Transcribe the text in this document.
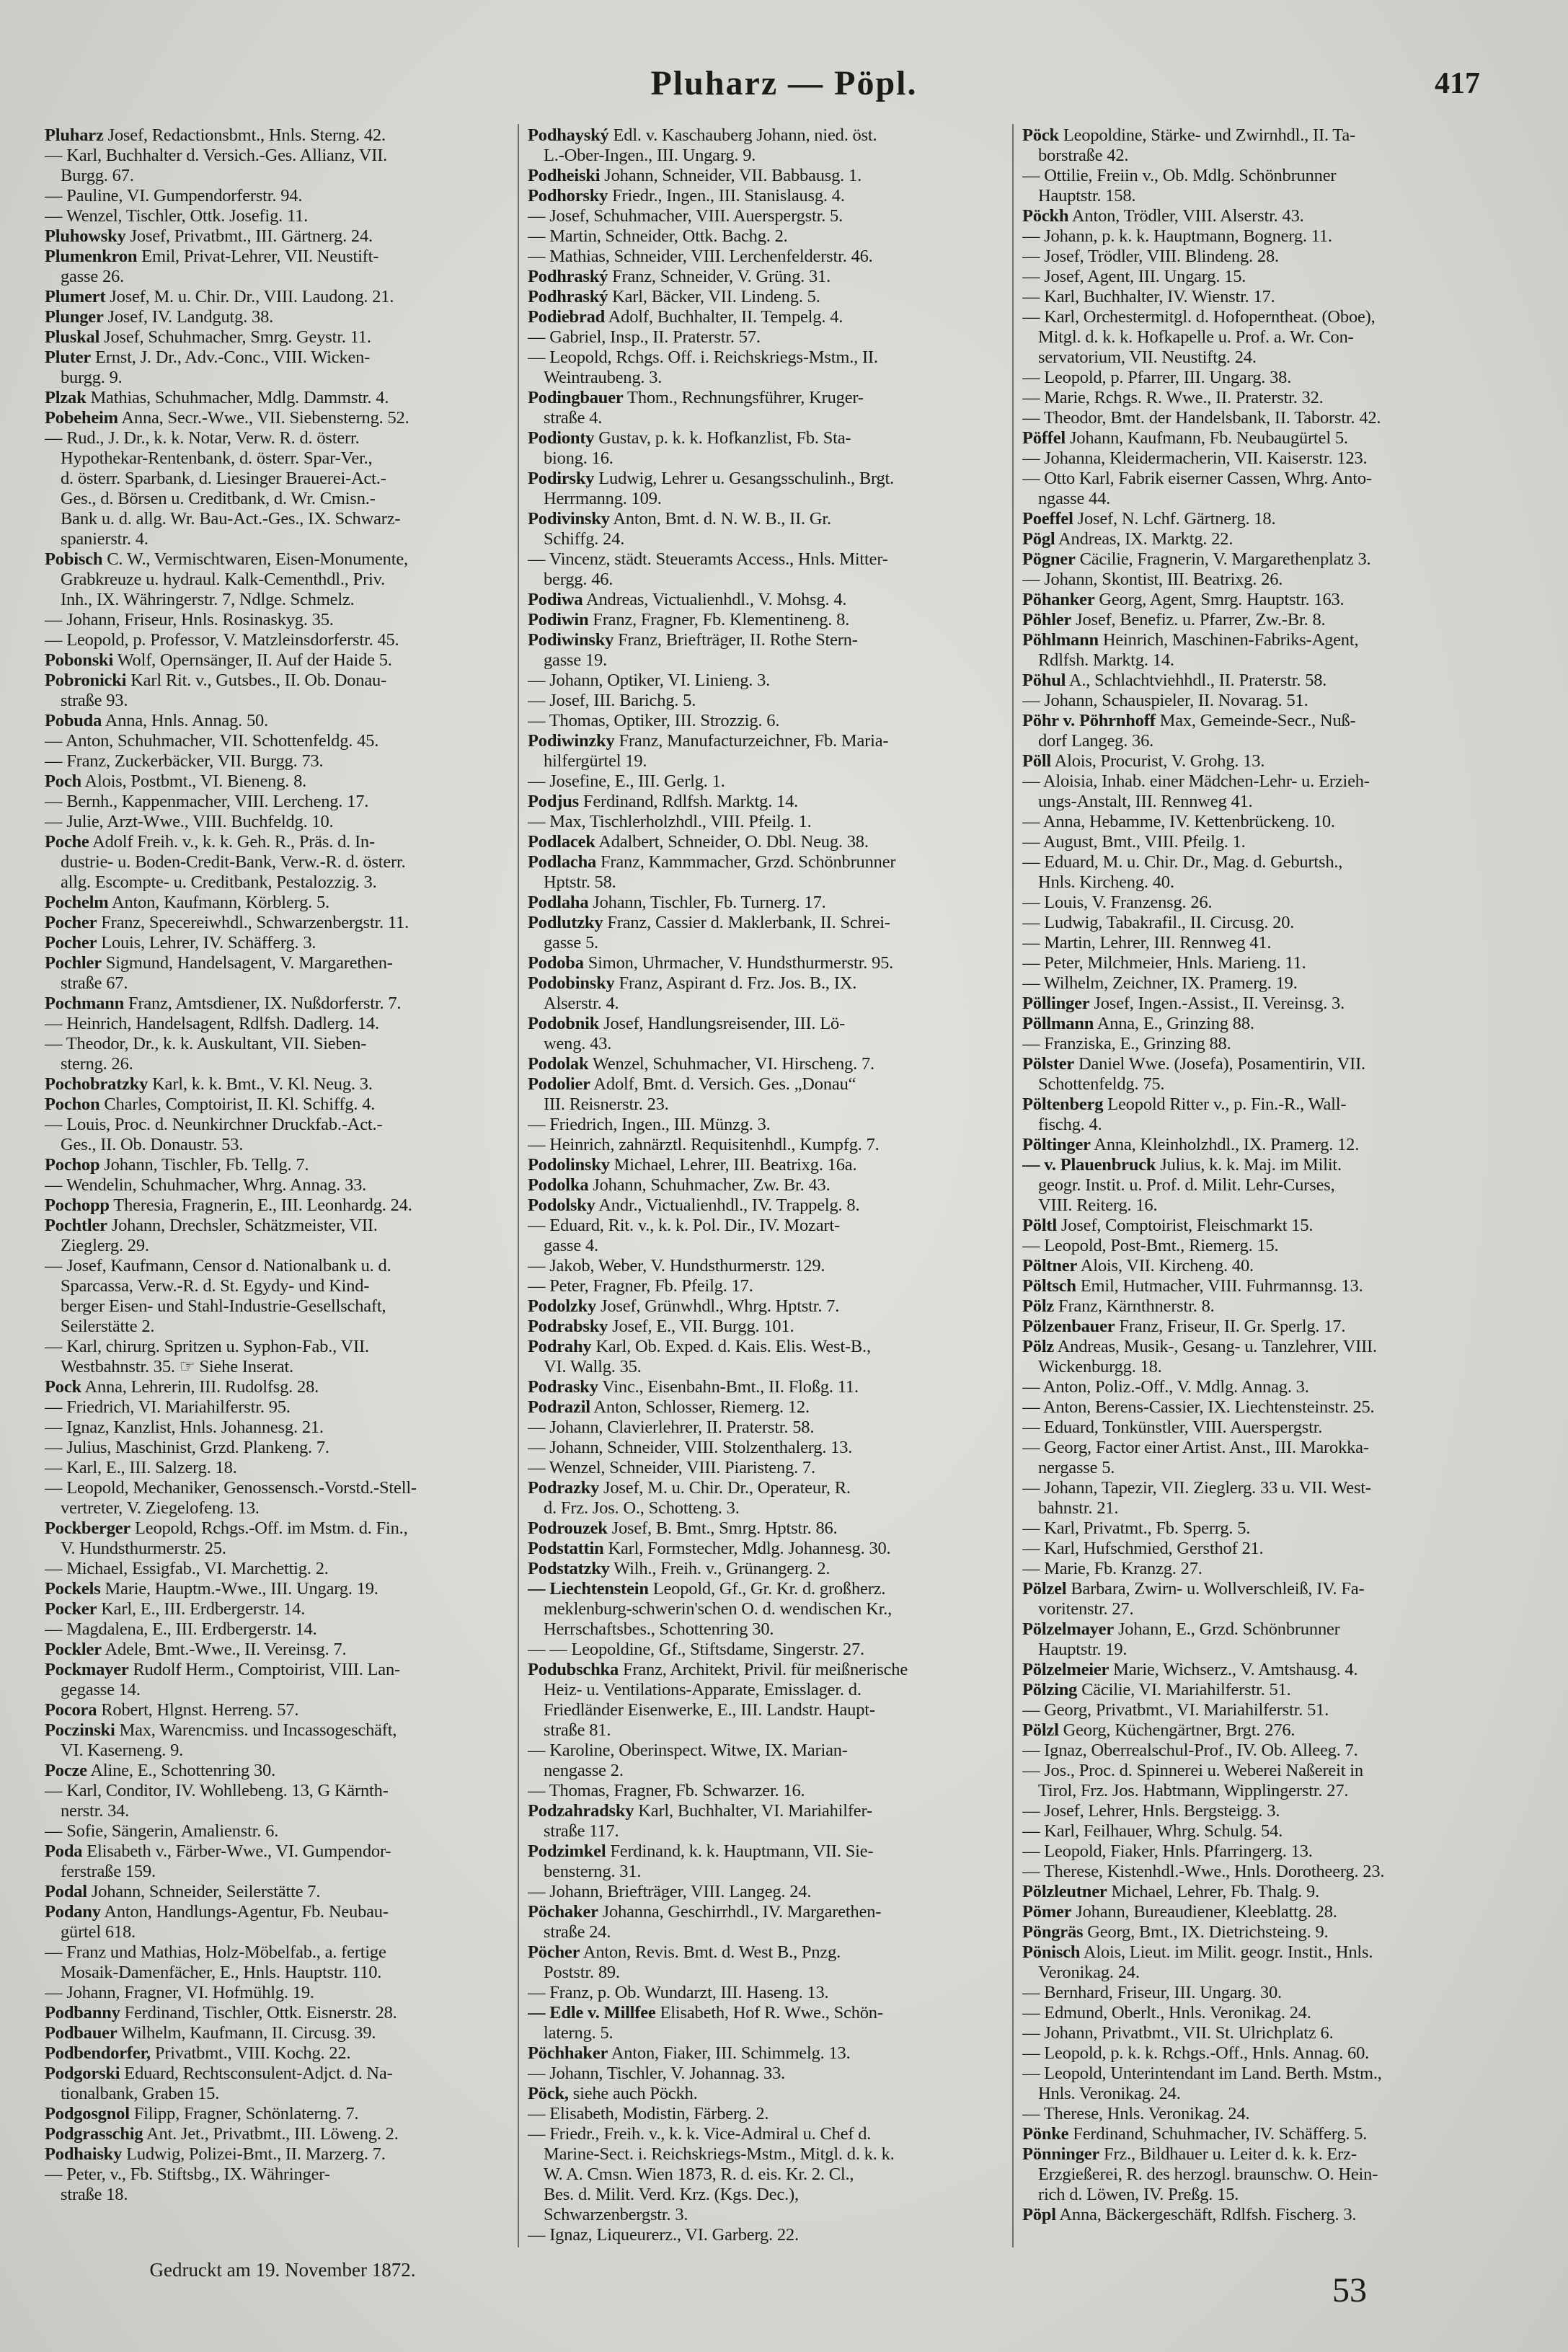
Pluharz — Pöpl.	417
Pluharz Josef, Redactionsbmt., Hnls. Sterng. 42.
— Karl, Buchhalter d. Versich.-Ges. Allianz, VII.
Burgg. 67.
— Pauline, VI. Gumpendorferstr. 94.
— Wenzel, Tischler, Ottk. Josefig. 11.
Pluhowsky Josef, Privatbmt., III. Gärtnerg. 24.
Plumenkron Emil, Privat-Lehrer, VII. Neustift-
gasse 26.
Plumert Josef, M. u. Chir. Dr., VIII. Laudong. 21.
Plunger Josef, IV. Landgutg. 38.
Pluskal Josef, Schuhmacher, Smrg. Geystr. 11.
Pluter Ernst, J. Dr., Adv.-Conc., VIII. Wicken-
burgg. 9.
Plzak Mathias, Schuhmacher, Mdlg. Dammstr. 4.
Pobeheim Anna, Secr.-Wwe., VII. Siebensterng. 52.
— Rud., J. Dr., k. k. Notar, Verw. R. d. österr.
Hypothekar-Rentenbank, d. österr. Spar-Ver.,
d. österr. Sparbank, d. Liesinger Brauerei-Act.-
Ges., d. Börsen u. Creditbank, d. Wr. Cmisn.-
Bank u. d. allg. Wr. Bau-Act.-Ges., IX. Schwarz-
spanierstr. 4.
Pobisch C. W., Vermischtwaren, Eisen-Monumente,
Grabkreuze u. hydraul. Kalk-Cementhdl., Priv.
Inh., IX. Währingerstr. 7, Ndlge. Schmelz.
— Johann, Friseur, Hnls. Rosinaskyg. 35.
— Leopold, p. Professor, V. Matzleinsdorferstr. 45.
Pobonski Wolf, Opernsänger, II. Auf der Haide 5.
Pobronicki Karl Rit. v., Gutsbes., II. Ob. Donau-
straße 93.
Pobuda Anna, Hnls. Annag. 50.
— Anton, Schuhmacher, VII. Schottenfeldg. 45.
— Franz, Zuckerbäcker, VII. Burgg. 73.
Poch Alois, Postbmt., VI. Bieneng. 8.
— Bernh., Kappenmacher, VIII. Lercheng. 17.
— Julie, Arzt-Wwe., VIII. Buchfeldg. 10.
Poche Adolf Freih. v., k. k. Geh. R., Präs. d. In-
dustrie- u. Boden-Credit-Bank, Verw.-R. d. österr.
allg. Escompte- u. Creditbank, Pestalozzig. 3.
Pochelm Anton, Kaufmann, Körblerg. 5.
Pocher Franz, Specereiwhdl., Schwarzenbergstr. 11.
Pocher Louis, Lehrer, IV. Schäfferg. 3.
Pochler Sigmund, Handelsagent, V. Margarethen-
straße 67.
Pochmann Franz, Amtsdiener, IX. Nußdorferstr. 7.
— Heinrich, Handelsagent, Rdlfsh. Dadlerg. 14.
— Theodor, Dr., k. k. Auskultant, VII. Sieben-
sterng. 26.
Pochobratzky Karl, k. k. Bmt., V. Kl. Neug. 3.
Pochon Charles, Comptoirist, II. Kl. Schiffg. 4.
— Louis, Proc. d. Neunkirchner Druckfab.-Act.-
Ges., II. Ob. Donaustr. 53.
Pochop Johann, Tischler, Fb. Tellg. 7.
— Wendelin, Schuhmacher, Whrg. Annag. 33.
Pochopp Theresia, Fragnerin, E., III. Leonhardg. 24.
Pochtler Johann, Drechsler, Schätzmeister, VII.
Zieglerg. 29.
— Josef, Kaufmann, Censor d. Nationalbank u. d.
Sparcassa, Verw.-R. d. St. Egydy- und Kind-
berger Eisen- und Stahl-Industrie-Gesellschaft,
Seilerstätte 2.
— Karl, chirurg. Spritzen u. Syphon-Fab., VII.
Westbahnstr. 35. ☞ Siehe Inserat.
Pock Anna, Lehrerin, III. Rudolfsg. 28.
— Friedrich, VI. Mariahilferstr. 95.
— Ignaz, Kanzlist, Hnls. Johannesg. 21.
— Julius, Maschinist, Grzd. Plankeng. 7.
— Karl, E., III. Salzerg. 18.
— Leopold, Mechaniker, Genossensch.-Vorstd.-Stell-
vertreter, V. Ziegelofeng. 13.
Pockberger Leopold, Rchgs.-Off. im Mstm. d. Fin.,
V. Hundsthurmerstr. 25.
— Michael, Essigfab., VI. Marchettig. 2.
Pockels Marie, Hauptm.-Wwe., III. Ungarg. 19.
Pocker Karl, E., III. Erdbergerstr. 14.
— Magdalena, E., III. Erdbergerstr. 14.
Pockler Adele, Bmt.-Wwe., II. Vereinsg. 7.
Pockmayer Rudolf Herm., Comptoirist, VIII. Lan-
gegasse 14.
Pocora Robert, Hlgnst. Herreng. 57.
Poczinski Max, Warencmiss. und Incassogeschäft,
VI. Kaserneng. 9.
Pocze Aline, E., Schottenring 30.
— Karl, Conditor, IV. Wohllebeng. 13, G Kärnth-
nerstr. 34.
— Sofie, Sängerin, Amalienstr. 6.
Poda Elisabeth v., Färber-Wwe., VI. Gumpendor-
ferstraße 159.
Podal Johann, Schneider, Seilerstätte 7.
Podany Anton, Handlungs-Agentur, Fb. Neubau-
gürtel 618.
— Franz und Mathias, Holz-Möbelfab., a. fertige
Mosaik-Damenfächer, E., Hnls. Hauptstr. 110.
— Johann, Fragner, VI. Hofmühlg. 19.
Podbanny Ferdinand, Tischler, Ottk. Eisnerstr. 28.
Podbauer Wilhelm, Kaufmann, II. Circusg. 39.
Podbendorfer, Privatbmt., VIII. Kochg. 22.
Podgorski Eduard, Rechtsconsulent-Adjct. d. Na-
tionalbank, Graben 15.
Podgosgnol Filipp, Fragner, Schönlaterng. 7.
Podgrasschig Ant. Jet., Privatbmt., III. Löweng. 2.
Podhaisky Ludwig, Polizei-Bmt., II. Marzerg. 7.
— Peter, v., Fb. Stiftsbg., IX. Währinger-
straße 18.
Podhayský Edl. v. Kaschauberg Johann, nied. öst.
L.-Ober-Ingen., III. Ungarg. 9.
Podheiski Johann, Schneider, VII. Babbausg. 1.
Podhorsky Friedr., Ingen., III. Stanislausg. 4.
— Josef, Schuhmacher, VIII. Auerspergstr. 5.
— Martin, Schneider, Ottk. Bachg. 2.
— Mathias, Schneider, VIII. Lerchenfelderstr. 46.
Podhraský Franz, Schneider, V. Grüng. 31.
Podhraský Karl, Bäcker, VII. Lindeng. 5.
Podiebrad Adolf, Buchhalter, II. Tempelg. 4.
— Gabriel, Insp., II. Praterstr. 57.
— Leopold, Rchgs. Off. i. Reichskriegs-Mstm., II.
Weintraubeng. 3.
Podingbauer Thom., Rechnungsführer, Kruger-
straße 4.
Podionty Gustav, p. k. k. Hofkanzlist, Fb. Sta-
biong. 16.
Podirsky Ludwig, Lehrer u. Gesangsschulinh., Brgt.
Herrmanng. 109.
Podivinsky Anton, Bmt. d. N. W. B., II. Gr.
Schiffg. 24.
— Vincenz, städt. Steueramts Access., Hnls. Mitter-
bergg. 46.
Podiwa Andreas, Victualienhdl., V. Mohsg. 4.
Podiwin Franz, Fragner, Fb. Klementineng. 8.
Podiwinsky Franz, Briefträger, II. Rothe Stern-
gasse 19.
— Johann, Optiker, VI. Linieng. 3.
— Josef, III. Barichg. 5.
— Thomas, Optiker, III. Strozzig. 6.
Podiwinzky Franz, Manufacturzeichner, Fb. Maria-
hilfergürtel 19.
— Josefine, E., III. Gerlg. 1.
Podjus Ferdinand, Rdlfsh. Marktg. 14.
— Max, Tischlerholzhdl., VIII. Pfeilg. 1.
Podlacek Adalbert, Schneider, O. Dbl. Neug. 38.
Podlacha Franz, Kammmacher, Grzd. Schönbrunner
Hptstr. 58.
Podlaha Johann, Tischler, Fb. Turnerg. 17.
Podlutzky Franz, Cassier d. Maklerbank, II. Schrei-
gasse 5.
Podoba Simon, Uhrmacher, V. Hundsthurmerstr. 95.
Podobinsky Franz, Aspirant d. Frz. Jos. B., IX.
Alserstr. 4.
Podobnik Josef, Handlungsreisender, III. Lö-
weng. 43.
Podolak Wenzel, Schuhmacher, VI. Hirscheng. 7.
Podolier Adolf, Bmt. d. Versich. Ges. „Donau“
III. Reisnerstr. 23.
— Friedrich, Ingen., III. Münzg. 3.
— Heinrich, zahnärztl. Requisitenhdl., Kumpfg. 7.
Podolinsky Michael, Lehrer, III. Beatrixg. 16a.
Podolka Johann, Schuhmacher, Zw. Br. 43.
Podolsky Andr., Victualienhdl., IV. Trappelg. 8.
— Eduard, Rit. v., k. k. Pol. Dir., IV. Mozart-
gasse 4.
— Jakob, Weber, V. Hundsthurmerstr. 129.
— Peter, Fragner, Fb. Pfeilg. 17.
Podolzky Josef, Grünwhdl., Whrg. Hptstr. 7.
Podrabsky Josef, E., VII. Burgg. 101.
Podrahy Karl, Ob. Exped. d. Kais. Elis. West-B.,
VI. Wallg. 35.
Podrasky Vinc., Eisenbahn-Bmt., II. Floßg. 11.
Podrazil Anton, Schlosser, Riemerg. 12.
— Johann, Clavierlehrer, II. Praterstr. 58.
— Johann, Schneider, VIII. Stolzenthalerg. 13.
— Wenzel, Schneider, VIII. Piaristeng. 7.
Podrazky Josef, M. u. Chir. Dr., Operateur, R.
d. Frz. Jos. O., Schotteng. 3.
Podrouzek Josef, B. Bmt., Smrg. Hptstr. 86.
Podstattin Karl, Formstecher, Mdlg. Johannesg. 30.
Podstatzky Wilh., Freih. v., Grünangerg. 2.
— Liechtenstein Leopold, Gf., Gr. Kr. d. großherz.
meklenburg-schwerin'schen O. d. wendischen Kr.,
Herrschaftsbes., Schottenring 30.
— — Leopoldine, Gf., Stiftsdame, Singerstr. 27.
Podubschka Franz, Architekt, Privil. für meißnerische
Heiz- u. Ventilations-Apparate, Emisslager. d.
Friedländer Eisenwerke, E., III. Landstr. Haupt-
straße 81.
— Karoline, Oberinspect. Witwe, IX. Marian-
nengasse 2.
— Thomas, Fragner, Fb. Schwarzer. 16.
Podzahradsky Karl, Buchhalter, VI. Mariahilfer-
straße 117.
Podzimkel Ferdinand, k. k. Hauptmann, VII. Sie-
bensterng. 31.
— Johann, Briefträger, VIII. Langeg. 24.
Pöchaker Johanna, Geschirrhdl., IV. Margarethen-
straße 24.
Pöcher Anton, Revis. Bmt. d. West B., Pnzg.
Poststr. 89.
— Franz, p. Ob. Wundarzt, III. Haseng. 13.
— Edle v. Millfee Elisabeth, Hof R. Wwe., Schön-
laterng. 5.
Pöchhaker Anton, Fiaker, III. Schimmelg. 13.
— Johann, Tischler, V. Johannag. 33.
Pöck, siehe auch Pöckh.
— Elisabeth, Modistin, Färberg. 2.
— Friedr., Freih. v., k. k. Vice-Admiral u. Chef d.
Marine-Sect. i. Reichskriegs-Mstm., Mitgl. d. k. k.
W. A. Cmsn. Wien 1873, R. d. eis. Kr. 2. Cl.,
Bes. d. Milit. Verd. Krz. (Kgs. Dec.),
Schwarzenbergstr. 3.
— Ignaz, Liqueurerz., VI. Garberg. 22.
Pöck Leopoldine, Stärke- und Zwirnhdl., II. Ta-
borstraße 42.
— Ottilie, Freiin v., Ob. Mdlg. Schönbrunner
Hauptstr. 158.
Pöckh Anton, Trödler, VIII. Alserstr. 43.
— Johann, p. k. k. Hauptmann, Bognerg. 11.
— Josef, Trödler, VIII. Blindeng. 28.
— Josef, Agent, III. Ungarg. 15.
— Karl, Buchhalter, IV. Wienstr. 17.
— Karl, Orchestermitgl. d. Hofoperntheat. (Oboe),
Mitgl. d. k. k. Hofkapelle u. Prof. a. Wr. Con-
servatorium, VII. Neustiftg. 24.
— Leopold, p. Pfarrer, III. Ungarg. 38.
— Marie, Rchgs. R. Wwe., II. Praterstr. 32.
— Theodor, Bmt. der Handelsbank, II. Taborstr. 42.
Pöffel Johann, Kaufmann, Fb. Neubaugürtel 5.
— Johanna, Kleidermacherin, VII. Kaiserstr. 123.
— Otto Karl, Fabrik eiserner Cassen, Whrg. Anto-
ngasse 44.
Poeffel Josef, N. Lchf. Gärtnerg. 18.
Pögl Andreas, IX. Marktg. 22.
Pögner Cäcilie, Fragnerin, V. Margarethenplatz 3.
— Johann, Skontist, III. Beatrixg. 26.
Pöhanker Georg, Agent, Smrg. Hauptstr. 163.
Pöhler Josef, Benefiz. u. Pfarrer, Zw.-Br. 8.
Pöhlmann Heinrich, Maschinen-Fabriks-Agent,
Rdlfsh. Marktg. 14.
Pöhul A., Schlachtviehhdl., II. Praterstr. 58.
— Johann, Schauspieler, II. Novarag. 51.
Pöhr v. Pöhrnhoff Max, Gemeinde-Secr., Nuß-
dorf Langeg. 36.
Pöll Alois, Procurist, V. Grohg. 13.
— Aloisia, Inhab. einer Mädchen-Lehr- u. Erzieh-
ungs-Anstalt, III. Rennweg 41.
— Anna, Hebamme, IV. Kettenbrückeng. 10.
— August, Bmt., VIII. Pfeilg. 1.
— Eduard, M. u. Chir. Dr., Mag. d. Geburtsh.,
Hnls. Kircheng. 40.
— Louis, V. Franzensg. 26.
— Ludwig, Tabakrafil., II. Circusg. 20.
— Martin, Lehrer, III. Rennweg 41.
— Peter, Milchmeier, Hnls. Marieng. 11.
— Wilhelm, Zeichner, IX. Pramerg. 19.
Pöllinger Josef, Ingen.-Assist., II. Vereinsg. 3.
Pöllmann Anna, E., Grinzing 88.
— Franziska, E., Grinzing 88.
Pölster Daniel Wwe. (Josefa), Posamentirin, VII.
Schottenfeldg. 75.
Pöltenberg Leopold Ritter v., p. Fin.-R., Wall-
fischg. 4.
Pöltinger Anna, Kleinholzhdl., IX. Pramerg. 12.
— v. Plauenbruck Julius, k. k. Maj. im Milit.
geogr. Instit. u. Prof. d. Milit. Lehr-Curses,
VIII. Reiterg. 16.
Pöltl Josef, Comptoirist, Fleischmarkt 15.
— Leopold, Post-Bmt., Riemerg. 15.
Pöltner Alois, VII. Kircheng. 40.
Pöltsch Emil, Hutmacher, VIII. Fuhrmannsg. 13.
Pölz Franz, Kärnthnerstr. 8.
Pölzenbauer Franz, Friseur, II. Gr. Sperlg. 17.
Pölz Andreas, Musik-, Gesang- u. Tanzlehrer, VIII.
Wickenburgg. 18.
— Anton, Poliz.-Off., V. Mdlg. Annag. 3.
— Anton, Berens-Cassier, IX. Liechtensteinstr. 25.
— Eduard, Tonkünstler, VIII. Auerspergstr.
— Georg, Factor einer Artist. Anst., III. Marokka-
nergasse 5.
— Johann, Tapezir, VII. Zieglerg. 33 u. VII. West-
bahnstr. 21.
— Karl, Privatmt., Fb. Sperrg. 5.
— Karl, Hufschmied, Gersthof 21.
— Marie, Fb. Kranzg. 27.
Pölzel Barbara, Zwirn- u. Wollverschleiß, IV. Fa-
voritenstr. 27.
Pölzelmayer Johann, E., Grzd. Schönbrunner
Hauptstr. 19.
Pölzelmeier Marie, Wichserz., V. Amtshausg. 4.
Pölzing Cäcilie, VI. Mariahilferstr. 51.
— Georg, Privatbmt., VI. Mariahilferstr. 51.
Pölzl Georg, Küchengärtner, Brgt. 276.
— Ignaz, Oberrealschul-Prof., IV. Ob. Alleeg. 7.
— Jos., Proc. d. Spinnerei u. Weberei Naßereit in
Tirol, Frz. Jos. Habtmann, Wipplingerstr. 27.
— Josef, Lehrer, Hnls. Bergsteigg. 3.
— Karl, Feilhauer, Whrg. Schulg. 54.
— Leopold, Fiaker, Hnls. Pfarringerg. 13.
— Therese, Kistenhdl.-Wwe., Hnls. Dorotheerg. 23.
Pölzleutner Michael, Lehrer, Fb. Thalg. 9.
Pömer Johann, Bureaudiener, Kleeblattg. 28.
Pöngräs Georg, Bmt., IX. Dietrichsteing. 9.
Pönisch Alois, Lieut. im Milit. geogr. Instit., Hnls.
Veronikag. 24.
— Bernhard, Friseur, III. Ungarg. 30.
— Edmund, Oberlt., Hnls. Veronikag. 24.
— Johann, Privatbmt., VII. St. Ulrichplatz 6.
— Leopold, p. k. k. Rchgs.-Off., Hnls. Annag. 60.
— Leopold, Unterintendant im Land. Berth. Mstm.,
Hnls. Veronikag. 24.
— Therese, Hnls. Veronikag. 24.
Pönke Ferdinand, Schuhmacher, IV. Schäfferg. 5.
Pönninger Frz., Bildhauer u. Leiter d. k. k. Erz-
Erzgießerei, R. des herzogl. braunschw. O. Hein-
rich d. Löwen, IV. Preßg. 15.
Pöpl Anna, Bäckergeschäft, Rdlfsh. Fischerg. 3.
Gedruckt am 19. November 1872.
53
